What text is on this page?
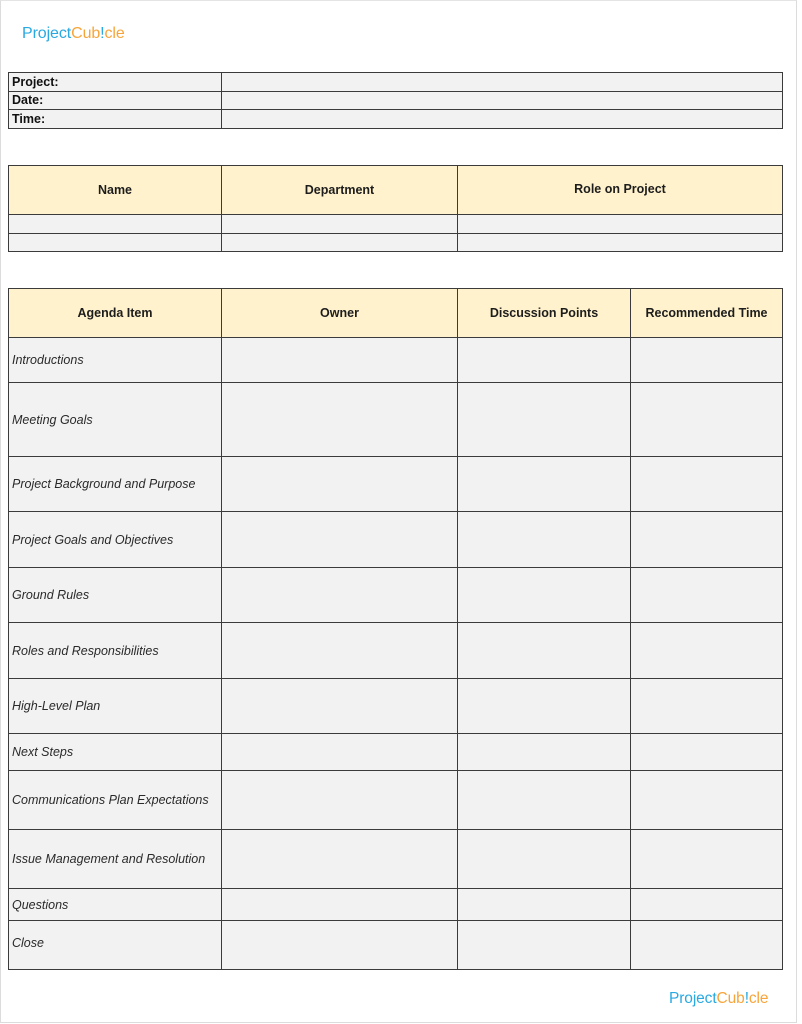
ProjectCub!cle
Project:	
Date:	
Time:	
Name	Department	Role on Project

Agenda Item	Owner	Discussion Points	Recommended Time
Introductions			
Meeting Goals			
Project Background and Purpose			
Project Goals and Objectives			
Ground Rules			
Roles and Responsibilities			
High-Level Plan			
Next Steps			
Communications Plan Expectations			
Issue Management and Resolution			
Questions			
Close			
ProjectCub!cle
